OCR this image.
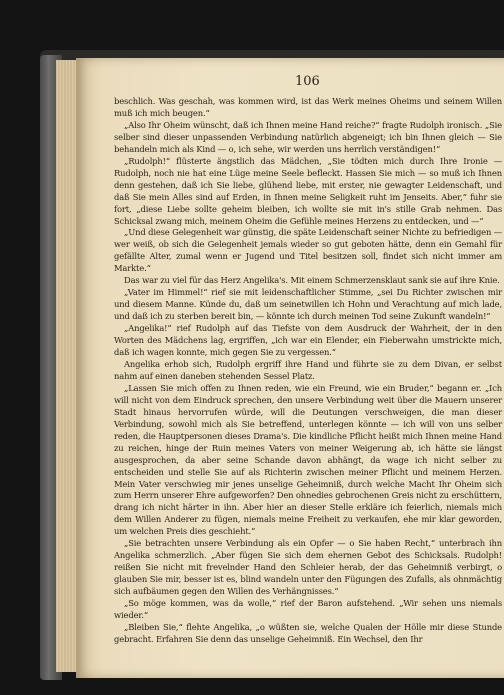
106

beschlich. Was geschah, was kommen wird, ist das Werk meines Oheims und seinem Willen muß ich mich beugen.“

„Also Ihr Oheim wünscht, daß ich Ihnen meine Hand reiche?“ fragte Rudolph ironisch. „Sie selber sind dieser unpassenden Verbindung natürlich abgeneigt; ich bin Ihnen gleich — Sie behandeln mich als Kind — o, ich sehe, wir werden uns herrlich verständigen!“

„Rudolph!“ flüsterte ängstlich das Mädchen, „Sie tödten mich durch Ihre Ironie — Rudolph, noch nie hat eine Lüge meine Seele befleckt. Hassen Sie mich — so muß ich Ihnen denn gestehen, daß ich Sie liebe, glühend liebe, mit erster, nie gewagter Leidenschaft, und daß Sie mein Alles sind auf Erden, in Ihnen meine Seligkeit ruht im Jenseits. Aber,“ fuhr sie fort, „diese Liebe sollte geheim bleiben, ich wollte sie mit in's stille Grab nehmen. Das Schicksal zwang mich, meinem Oheim die Gefühle meines Herzens zu entdecken, und —“

„Und diese Gelegenheit war günstig, die späte Leidenschaft seiner Nichte zu befriedigen — wer weiß, ob sich die Gelegenheit jemals wieder so gut geboten hätte, denn ein Gemahl für gefällte Alter, zumal wenn er Jugend und Titel besitzen soll, findet sich nicht immer am Markte.“

Das war zu viel für das Herz Angelika's. Mit einem Schmerzensklaut sank sie auf ihre Knie.

„Vater im Himmel!“ rief sie mit leidenschaftlicher Stimme, „sei Du Richter zwischen mir und diesem Manne. Künde du, daß um seinetwillen ich Hohn und Verachtung auf mich lade, und daß ich zu sterben bereit bin, — könnte ich durch meinen Tod seine Zukunft wandeln!“

„Angelika!“ rief Rudolph auf das Tiefste von dem Ausdruck der Wahrheit, der in den Worten des Mädchens lag, ergriffen, „ich war ein Elender, ein Fieberwahn umstrickte mich, daß ich wagen konnte, mich gegen Sie zu vergessen.“

Angelika erhob sich, Rudolph ergriff ihre Hand und führte sie zu dem Divan, er selbst nahm auf einen daneben stehenden Sessel Platz.

„Lassen Sie mich offen zu Ihnen reden, wie ein Freund, wie ein Bruder,“ begann er. „Ich will nicht von dem Eindruck sprechen, den unsere Verbindung weit über die Mauern unserer Stadt hinaus hervorrufen würde, will die Deutungen verschweigen, die man dieser Verbindung, sowohl mich als Sie betreffend, unterlegen könnte — ich will von uns selber reden, die Hauptpersonen dieses Drama's. Die kindliche Pflicht heißt mich Ihnen meine Hand zu reichen, hinge der Ruin meines Vaters von meiner Weigerung ab, ich hätte sie längst ausgesprochen, da aber seine Schande davon abhängt, da wage ich nicht selber zu entscheiden und stelle Sie auf als Richterin zwischen meiner Pflicht und meinem Herzen. Mein Vater verschwieg mir jenes unselige Geheimniß, durch welche Macht Ihr Oheim sich zum Herrn unserer Ehre aufgeworfen? Den ohnedies gebrochenen Greis nicht zu erschüttern, drang ich nicht härter in ihn. Aber hier an dieser Stelle erkläre ich feierlich, niemals mich dem Willen Anderer zu fügen, niemals meine Freiheit zu verkaufen, ehe mir klar geworden, um welchen Preis dies geschieht.“

„Sie betrachten unsere Verbindung als ein Opfer — o Sie haben Recht,“ unterbrach ihn Angelika schmerzlich. „Aber fügen Sie sich dem ehernen Gebot des Schicksals. Rudolph! reißen Sie nicht mit frevelnder Hand den Schleier herab, der das Geheimniß verbirgt, o glauben Sie mir, besser ist es, blind wandeln unter den Fügungen des Zufalls, als ohnmächtig sich aufbäumen gegen den Willen des Verhängnisses.“

„So möge kommen, was da wolle,“ rief der Baron aufstehend. „Wir sehen uns niemals wieder.“

„Bleiben Sie,“ flehte Angelika, „o wüßten sie, welche Qualen der Hölle mir diese Stunde gebracht. Erfahren Sie denn das unselige Geheimniß. Ein Wechsel, den Ihr
